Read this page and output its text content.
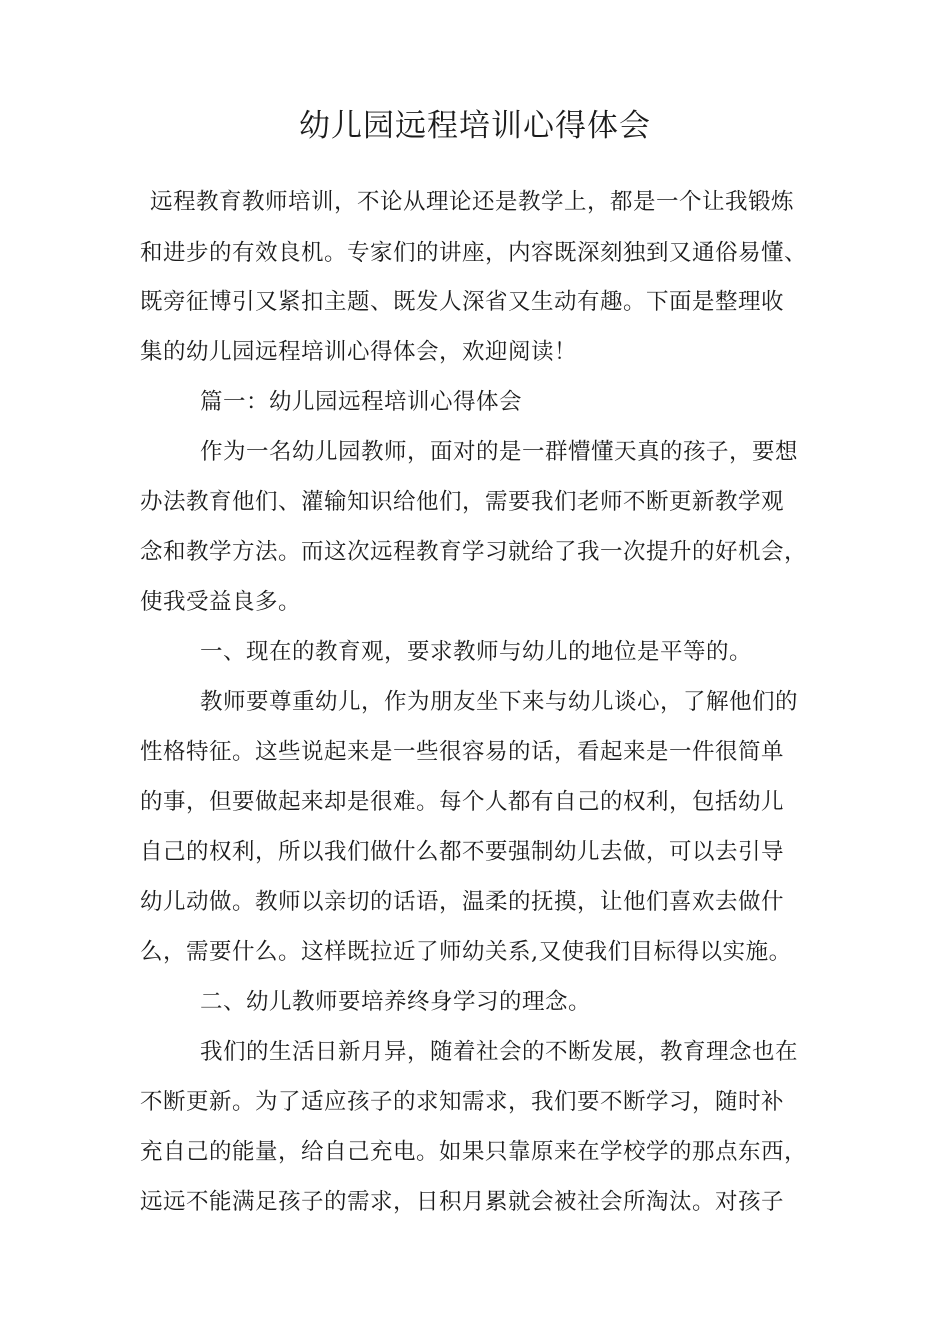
幼儿园远程培训心得体会
远程教育教师培训，不论从理论还是教学上，都是一个让我锻炼
和进步的有效良机。专家们的讲座，内容既深刻独到又通俗易懂、
既旁征博引又紧扣主题、既发人深省又生动有趣。下面是整理收
集的幼儿园远程培训心得体会，欢迎阅读！
篇一：幼儿园远程培训心得体会
作为一名幼儿园教师，面对的是一群懵懂天真的孩子，要想
办法教育他们、灌输知识给他们，需要我们老师不断更新教学观
念和教学方法。而这次远程教育学习就给了我一次提升的好机会，
使我受益良多。
一、现在的教育观，要求教师与幼儿的地位是平等的。
教师要尊重幼儿，作为朋友坐下来与幼儿谈心，了解他们的
性格特征。这些说起来是一些很容易的话，看起来是一件很简单
的事，但要做起来却是很难。每个人都有自己的权利，包括幼儿
自己的权利，所以我们做什么都不要强制幼儿去做，可以去引导
幼儿动做。教师以亲切的话语，温柔的抚摸，让他们喜欢去做什
么，需要什么。这样既拉近了师幼关系,又使我们目标得以实施。
二、幼儿教师要培养终身学习的理念。
我们的生活日新月异，随着社会的不断发展，教育理念也在
不断更新。为了适应孩子的求知需求，我们要不断学习，随时补
充自己的能量，给自己充电。如果只靠原来在学校学的那点东西，
远远不能满足孩子的需求，日积月累就会被社会所淘汰。对孩子
